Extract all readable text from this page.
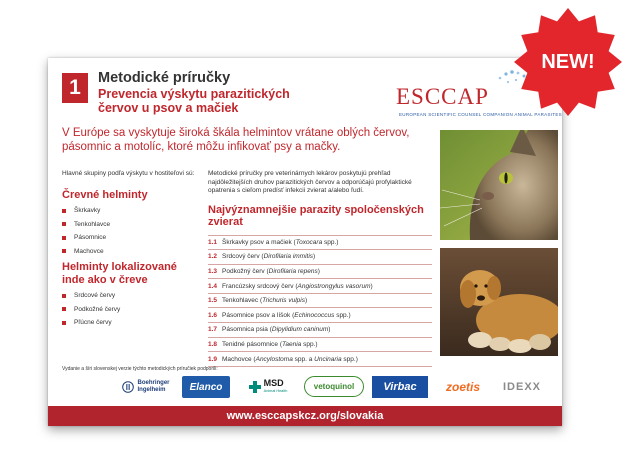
1	Metodické príručky
Prevencia výskytu parazitických červov u psov a mačiek	ESCCAP
EUROPEAN SCIENTIFIC COUNSEL COMPANION ANIMAL PARASITES
V Európe sa vyskytuje široká škála helmintov vrátane oblých červov, pásomnic a motolíc, ktoré môžu infikovať psy a mačky.
Hlavné skupiny podľa výskytu v hostiteľovi sú:
Črevné helminty
Škrkavky
Tenkohlavce
Pásomnice
Machovce
Helminty lokalizované inde ako v čreve
Srdcové červy
Podkožné červy
Pľúcne červy
Metodické príručky pre veterinárnych lekárov poskytujú prehľad najdôležitejších druhov parazitických červov a odporúčajú profylaktické opatrenia s cieľom predísť infekcii zvierat a/alebo ľudí.
Najvýznamnejšie parazity spoločenských zvierat
1.1 Škrkavky psov a mačiek (Toxocara spp.)
1.2 Srdcový červ (Dirofilaria immitis)
1.3 Podkožný červ (Dirofilaria repens)
1.4 Francúzsky srdcový červ (Angiostrongylus vasorum)
1.5 Tenkohlavec (Trichuris vulpis)
1.6 Pásomnice psov a líšok (Echinococcus spp.)
1.7 Pásomnica psia (Dipylidium caninum)
1.8 Tenidné pásomnice (Taenia spp.)
1.9 Machovce (Ancylostoma spp. a Uncinaria spp.)
Vydanie a šíri slovenskej verzie týchto metodických príručiek podporili:
Boehringer
Ingelheim	Elanco	MSD
Animal Health	vetoquinol	Virbac	zoetis	IDEXX
www.esccapskcz.org/slovakia
NEW!
